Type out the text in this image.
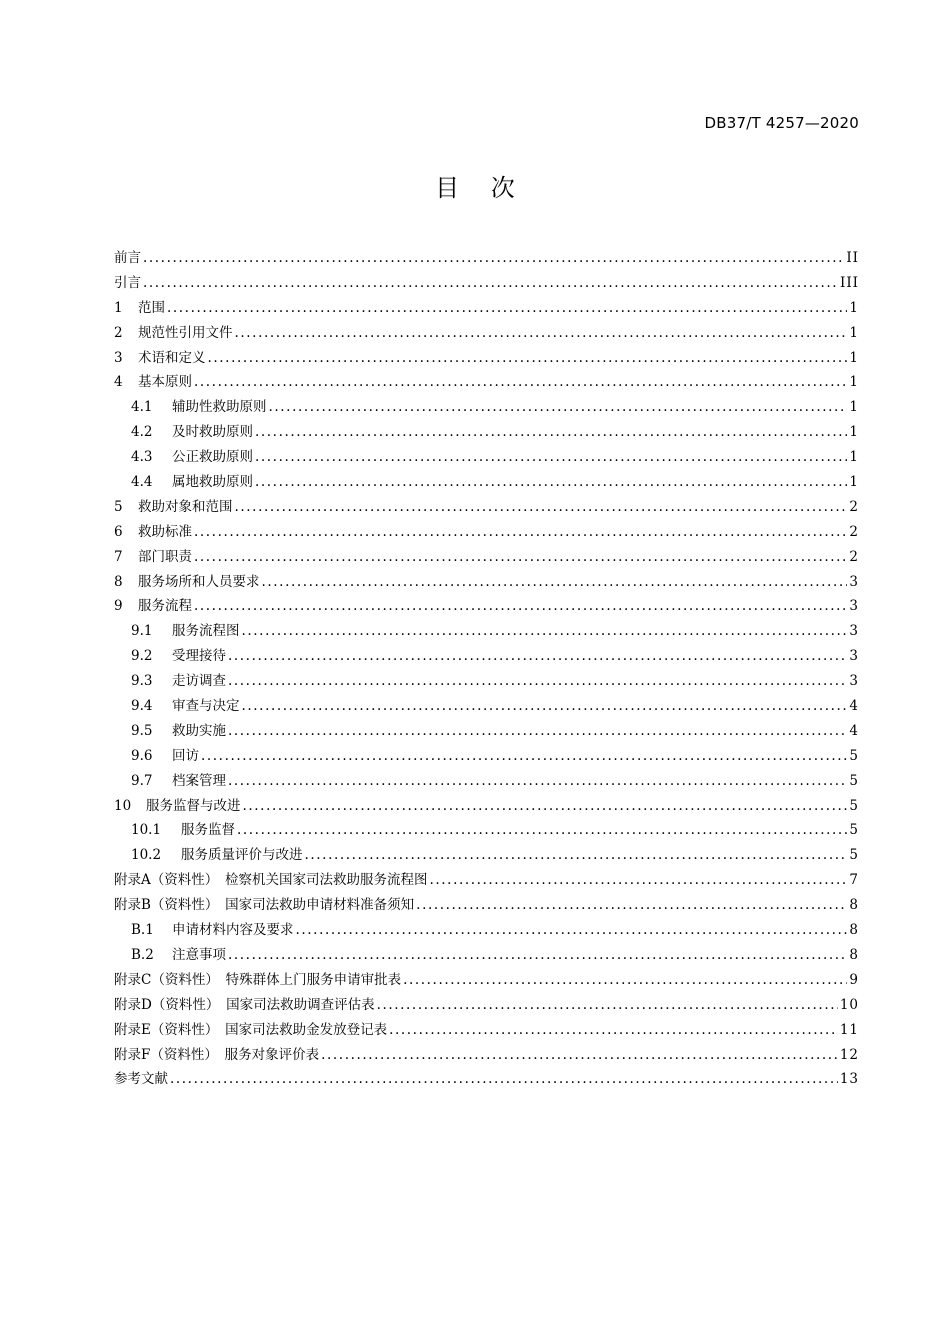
DB37/T 4257—2020
目 次
前言 .....	II
引言 .....	III
1	范围 .....	1
2	规范性引用文件 .....	1
3	术语和定义 .....	1
4	基本原则 .....	1
4.1	辅助性救助原则 .....	1
4.2	及时救助原则 .....	1
4.3	公正救助原则 .....	1
4.4	属地救助原则 .....	1
5	救助对象和范围 .....	2
6	救助标准 .....	2
7	部门职责 .....	2
8	服务场所和人员要求 .....	3
9	服务流程 .....	3
9.1	服务流程图 .....	3
9.2	受理接待 .....	3
9.3	走访调查 .....	3
9.4	审查与决定 .....	4
9.5	救助实施 .....	4
9.6	回访 .....	5
9.7	档案管理 .....	5
10	服务监督与改进 .....	5
10.1	服务监督 .....	5
10.2	服务质量评价与改进 .....	5
附录A（资料性）　检察机关国家司法救助服务流程图 .....	7
附录B（资料性）　国家司法救助申请材料准备须知 .....	8
B.1	申请材料内容及要求 .....	8
B.2	注意事项 .....	8
附录C（资料性）　特殊群体上门服务申请审批表 .....	9
附录D（资料性）　国家司法救助调查评估表 .....	10
附录E（资料性）　国家司法救助金发放登记表 .....	11
附录F（资料性）　服务对象评价表 .....	12
参考文献 .....	13
